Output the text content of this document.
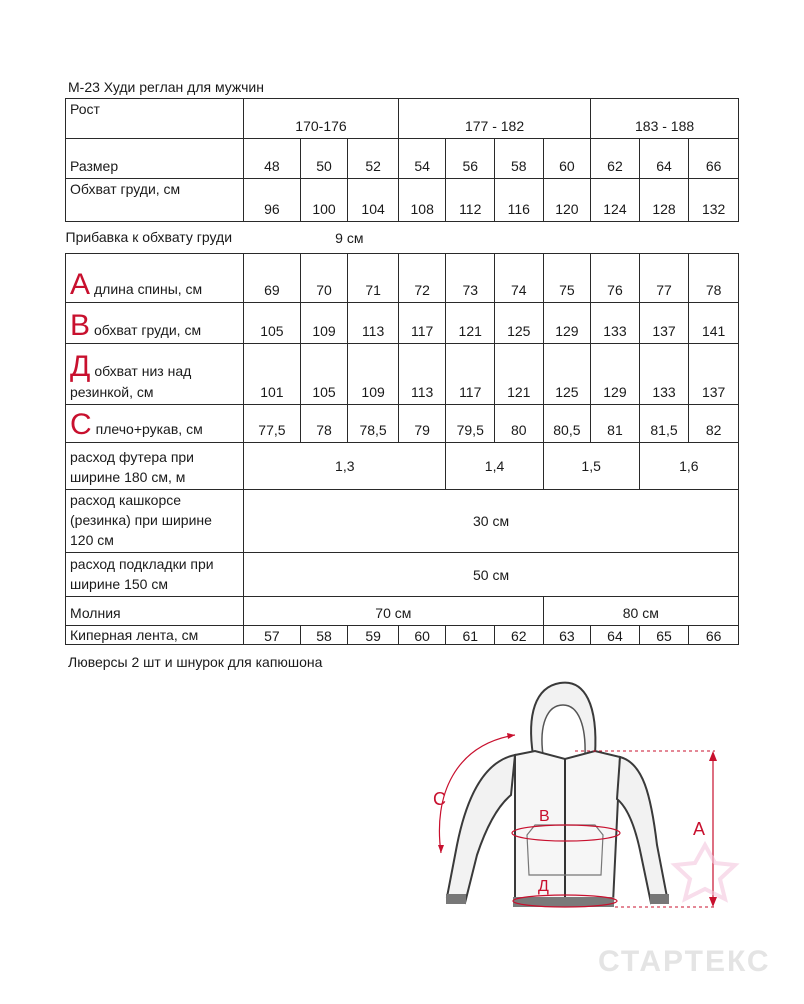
М-23 Худи реглан для мужчин
Рост	170-176			177 - 182				183 - 188		
Размер	48	50	52	54	56	58	60	62	64	66
Обхват груди, см	96	100	104	108	112	116	120	124	128	132
Прибавка к обхвату груди		9 см								
А длина спины, см	69	70	71	72	73	74	75	76	77	78
В обхват груди, см	105	109	113	117	121	125	129	133	137	141
Д обхват низ над
резинкой, см	101	105	109	113	117	121	125	129	133	137
С плечо+рукав, см	77,5	78	78,5	79	79,5	80	80,5	81	81,5	82
расход футера при
ширине 180 см, м	1,3				1,4		1,5		1,6	
расход кашкорсе
(резинка) при ширине
120 см	30 см									
расход подкладки при
ширине 150 см	50 см									
Молния	70 см						80 см			
Киперная лента, см	57	58	59	60	61	62	63	64	65	66
Люверсы 2 шт и шнурок для капюшона
С
А
В
Д
СТАРТЕКС
